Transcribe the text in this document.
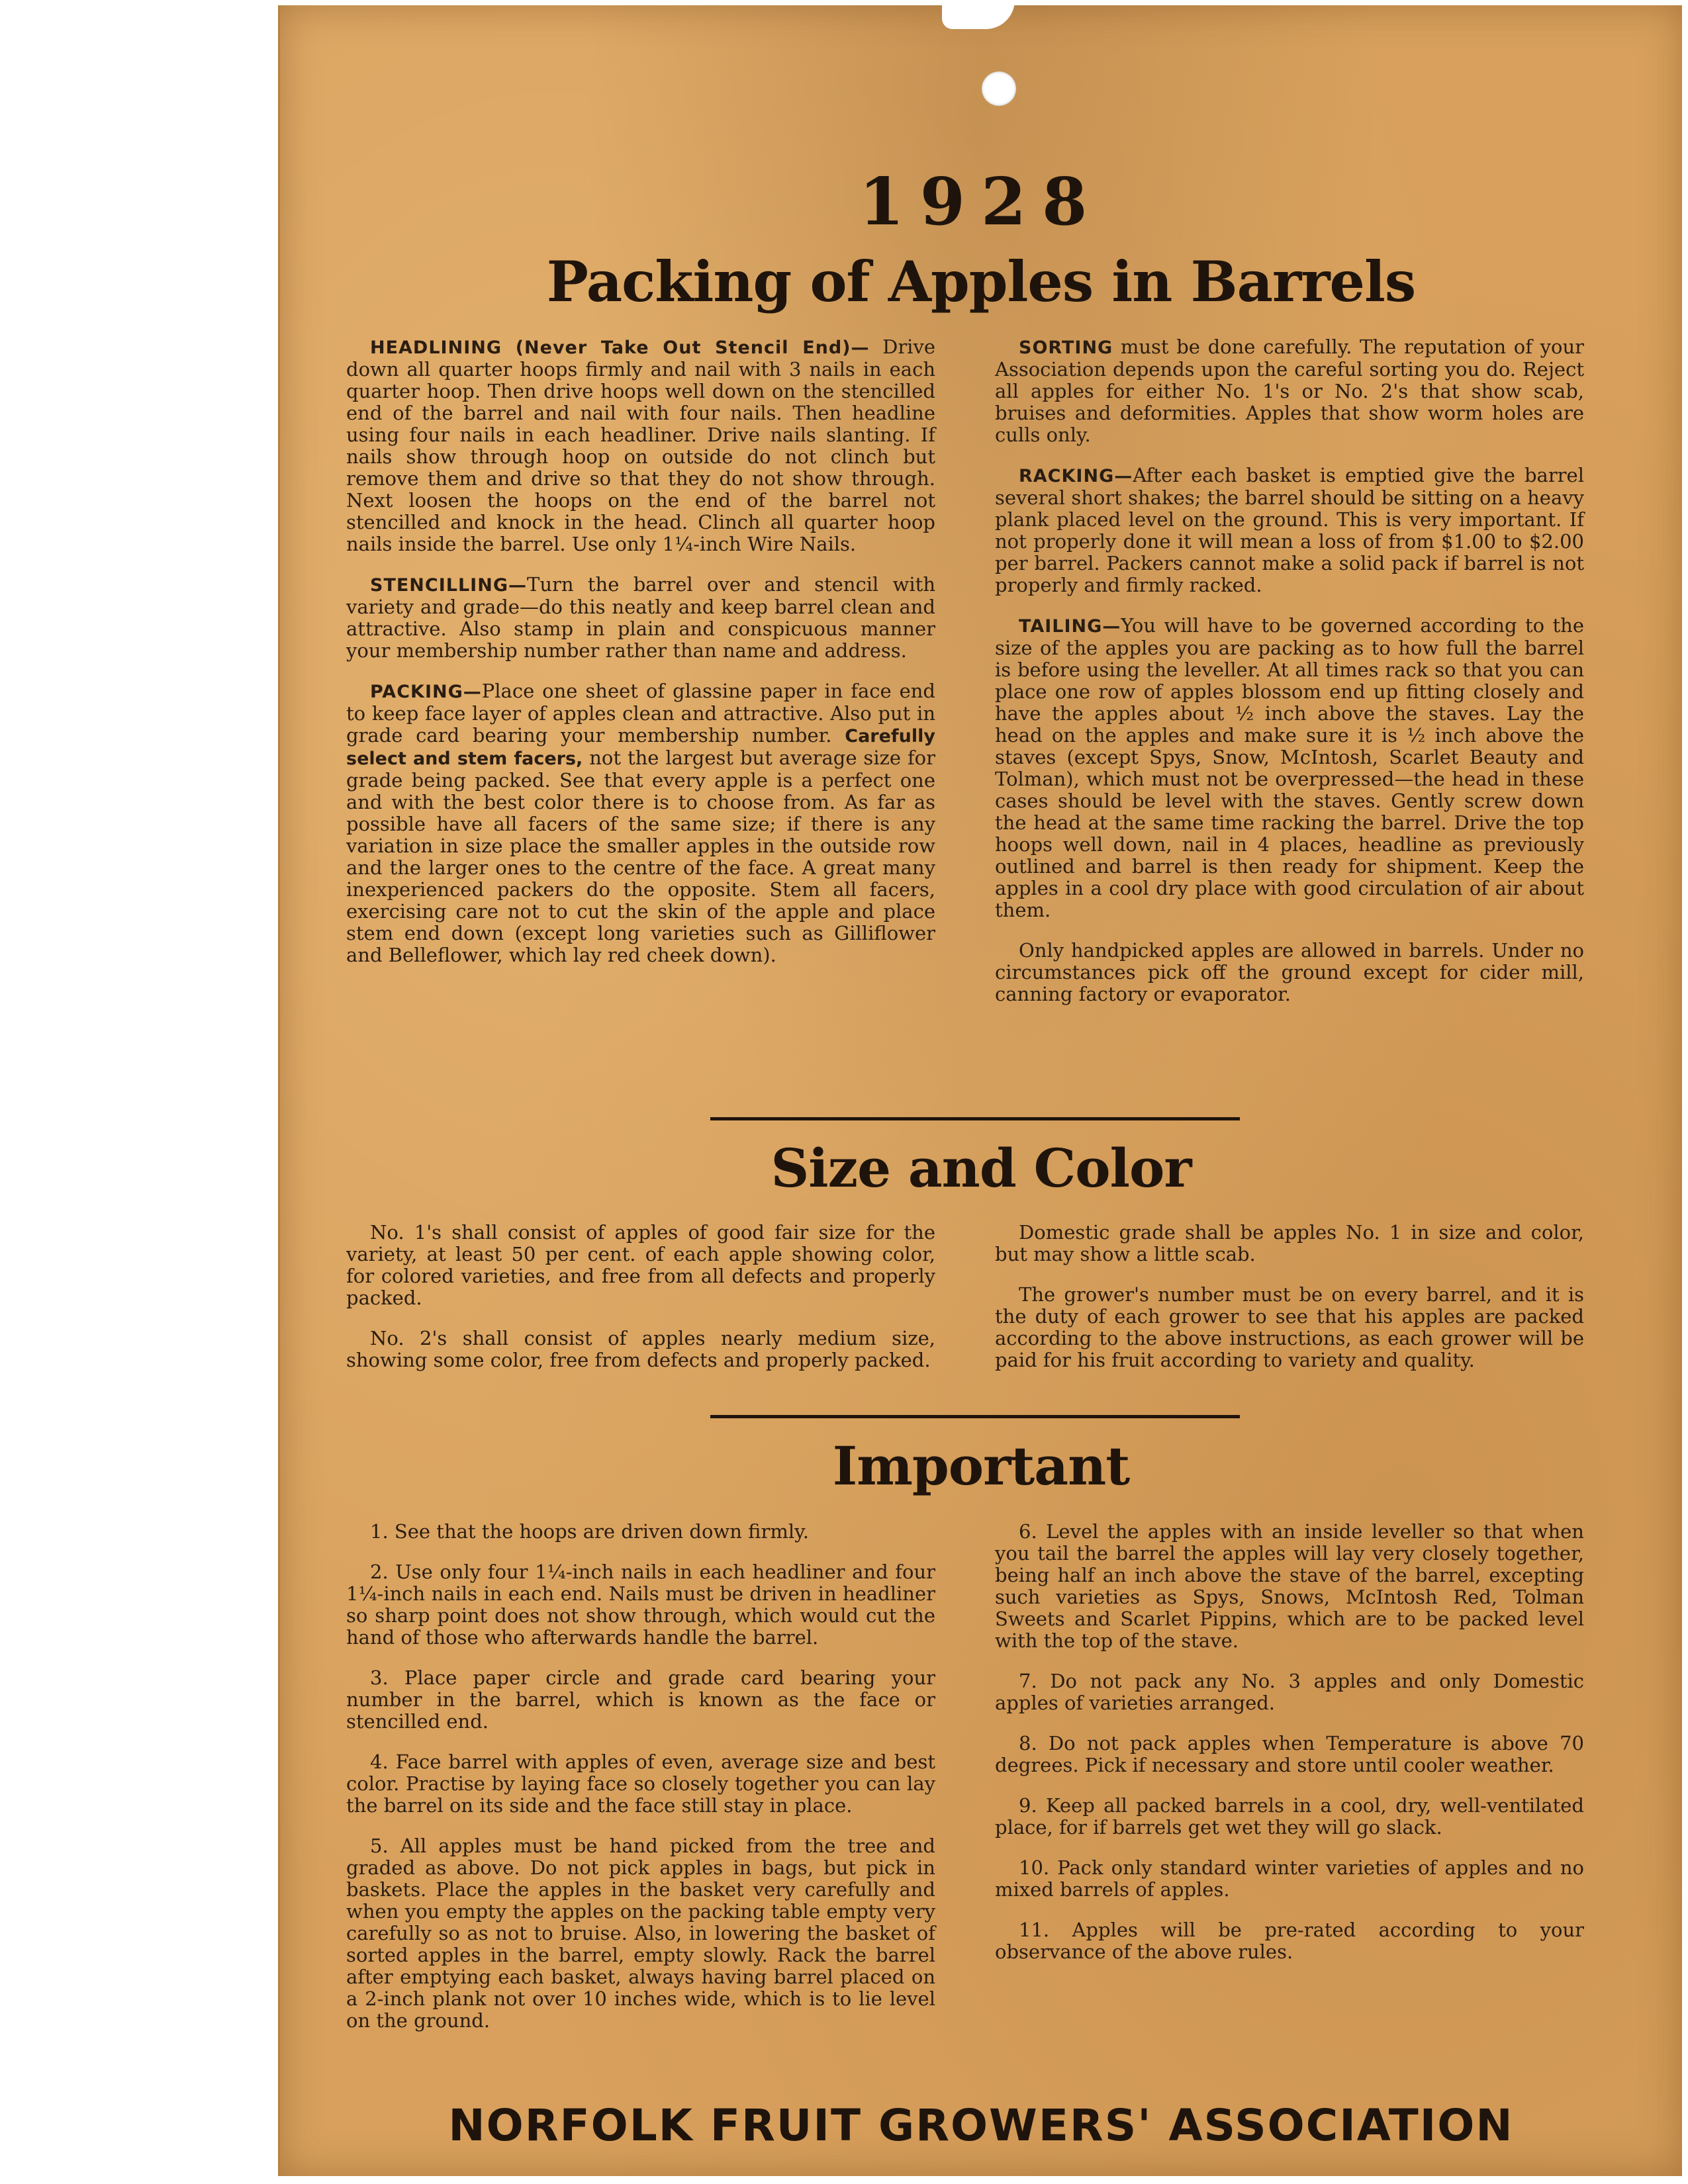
1928
Packing of Apples in Barrels

HEADLINING (Never Take Out Stencil End)— Drive down all quarter hoops firmly and nail with 3 nails in each quarter hoop. Then drive hoops well down on the stencilled end of the barrel and nail with four nails. Then headline using four nails in each headliner. Drive nails slanting. If nails show through hoop on outside do not clinch but remove them and drive so that they do not show through. Next loosen the hoops on the end of the barrel not stencilled and knock in the head. Clinch all quarter hoop nails inside the barrel. Use only 1¼-inch Wire Nails.

STENCILLING—Turn the barrel over and stencil with variety and grade—do this neatly and keep barrel clean and attractive. Also stamp in plain and conspicuous manner your membership number rather than name and address.

PACKING—Place one sheet of glassine paper in face end to keep face layer of apples clean and attractive. Also put in grade card bearing your membership number. Carefully select and stem facers, not the largest but average size for grade being packed. See that every apple is a perfect one and with the best color there is to choose from. As far as possible have all facers of the same size; if there is any variation in size place the smaller apples in the outside row and the larger ones to the centre of the face. A great many inexperienced packers do the opposite. Stem all facers, exercising care not to cut the skin of the apple and place stem end down (except long varieties such as Gilliflower and Belleflower, which lay red cheek down).

SORTING must be done carefully. The reputation of your Association depends upon the careful sorting you do. Reject all apples for either No. 1's or No. 2's that show scab, bruises and deformities. Apples that show worm holes are culls only.

RACKING—After each basket is emptied give the barrel several short shakes; the barrel should be sitting on a heavy plank placed level on the ground. This is very important. If not properly done it will mean a loss of from $1.00 to $2.00 per barrel. Packers cannot make a solid pack if barrel is not properly and firmly racked.

TAILING—You will have to be governed according to the size of the apples you are packing as to how full the barrel is before using the leveller. At all times rack so that you can place one row of apples blossom end up fitting closely and have the apples about ½ inch above the staves. Lay the head on the apples and make sure it is ½ inch above the staves (except Spys, Snow, McIntosh, Scarlet Beauty and Tolman), which must not be overpressed—the head in these cases should be level with the staves. Gently screw down the head at the same time racking the barrel. Drive the top hoops well down, nail in 4 places, headline as previously outlined and barrel is then ready for shipment. Keep the apples in a cool dry place with good circulation of air about them.

Only handpicked apples are allowed in barrels. Under no circumstances pick off the ground except for cider mill, canning factory or evaporator.

Size and Color

No. 1's shall consist of apples of good fair size for the variety, at least 50 per cent. of each apple showing color, for colored varieties, and free from all defects and properly packed.

No. 2's shall consist of apples nearly medium size, showing some color, free from defects and properly packed.

Domestic grade shall be apples No. 1 in size and color, but may show a little scab.

The grower's number must be on every barrel, and it is the duty of each grower to see that his apples are packed according to the above instructions, as each grower will be paid for his fruit according to variety and quality.

Important

1. See that the hoops are driven down firmly.

2. Use only four 1¼-inch nails in each headliner and four 1¼-inch nails in each end. Nails must be driven in headliner so sharp point does not show through, which would cut the hand of those who afterwards handle the barrel.

3. Place paper circle and grade card bearing your number in the barrel, which is known as the face or stencilled end.

4. Face barrel with apples of even, average size and best color. Practise by laying face so closely together you can lay the barrel on its side and the face still stay in place.

5. All apples must be hand picked from the tree and graded as above. Do not pick apples in bags, but pick in baskets. Place the apples in the basket very carefully and when you empty the apples on the packing table empty very carefully so as not to bruise. Also, in lowering the basket of sorted apples in the barrel, empty slowly. Rack the barrel after emptying each basket, always having barrel placed on a 2-inch plank not over 10 inches wide, which is to lie level on the ground.

6. Level the apples with an inside leveller so that when you tail the barrel the apples will lay very closely together, being half an inch above the stave of the barrel, excepting such varieties as Spys, Snows, McIntosh Red, Tolman Sweets and Scarlet Pippins, which are to be packed level with the top of the stave.

7. Do not pack any No. 3 apples and only Domestic apples of varieties arranged.

8. Do not pack apples when Temperature is above 70 degrees. Pick if necessary and store until cooler weather.

9. Keep all packed barrels in a cool, dry, well-ventilated place, for if barrels get wet they will go slack.

10. Pack only standard winter varieties of apples and no mixed barrels of apples.

11. Apples will be pre-rated according to your observance of the above rules.

NORFOLK FRUIT GROWERS' ASSOCIATION
